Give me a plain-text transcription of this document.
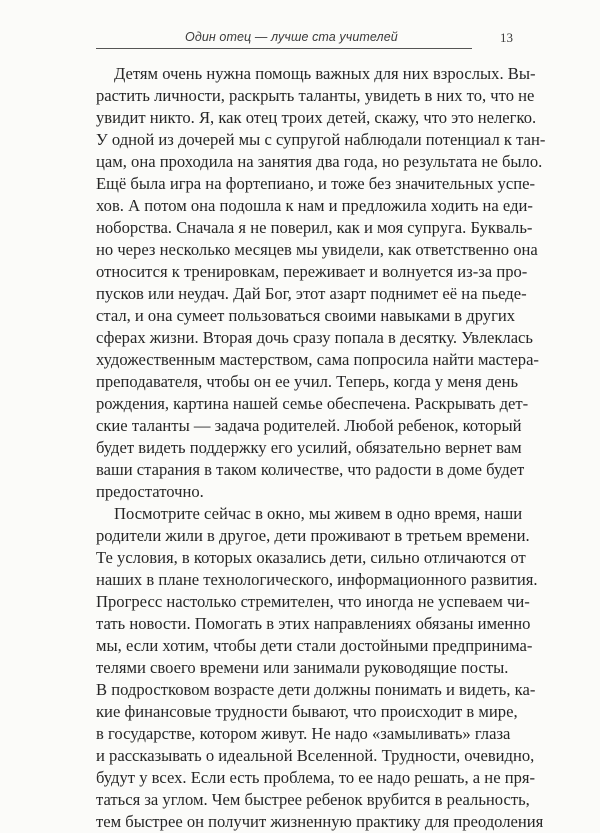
Один отец — лучше ста учителей	13
Детям очень нужна помощь важных для них взрослых. Вы-
растить личности, раскрыть таланты, увидеть в них то, что не
увидит никто. Я, как отец троих детей, скажу, что это нелегко.
У одной из дочерей мы с супругой наблюдали потенциал к тан-
цам, она проходила на занятия два года, но результата не было.
Ещё была игра на фортепиано, и тоже без значительных успе-
хов. А потом она подошла к нам и предложила ходить на еди-
ноборства. Сначала я не поверил, как и моя супруга. Букваль-
но через несколько месяцев мы увидели, как ответственно она
относится к тренировкам, переживает и волнуется из-за про-
пусков или неудач. Дай Бог, этот азарт поднимет её на пьеде-
стал, и она сумеет пользоваться своими навыками в других
сферах жизни. Вторая дочь сразу попала в десятку. Увлеклась
художественным мастерством, сама попросила найти мастера-
преподавателя, чтобы он ее учил. Теперь, когда у меня день
рождения, картина нашей семье обеспечена. Раскрывать дет-
ские таланты — задача родителей. Любой ребенок, который
будет видеть поддержку его усилий, обязательно вернет вам
ваши старания в таком количестве, что радости в доме будет
предостаточно.
Посмотрите сейчас в окно, мы живем в одно время, наши
родители жили в другое, дети проживают в третьем времени.
Те условия, в которых оказались дети, сильно отличаются от
наших в плане технологического, информационного развития.
Прогресс настолько стремителен, что иногда не успеваем чи-
тать новости. Помогать в этих направлениях обязаны именно
мы, если хотим, чтобы дети стали достойными предпринима-
телями своего времени или занимали руководящие посты.
В подростковом возрасте дети должны понимать и видеть, ка-
кие финансовые трудности бывают, что происходит в мире,
в государстве, котором живут. Не надо «замыливать» глаза
и рассказывать о идеальной Вселенной. Трудности, очевидно,
будут у всех. Если есть проблема, то ее надо решать, а не пря-
таться за углом. Чем быстрее ребенок врубится в реальность,
тем быстрее он получит жизненную практику для преодоления
